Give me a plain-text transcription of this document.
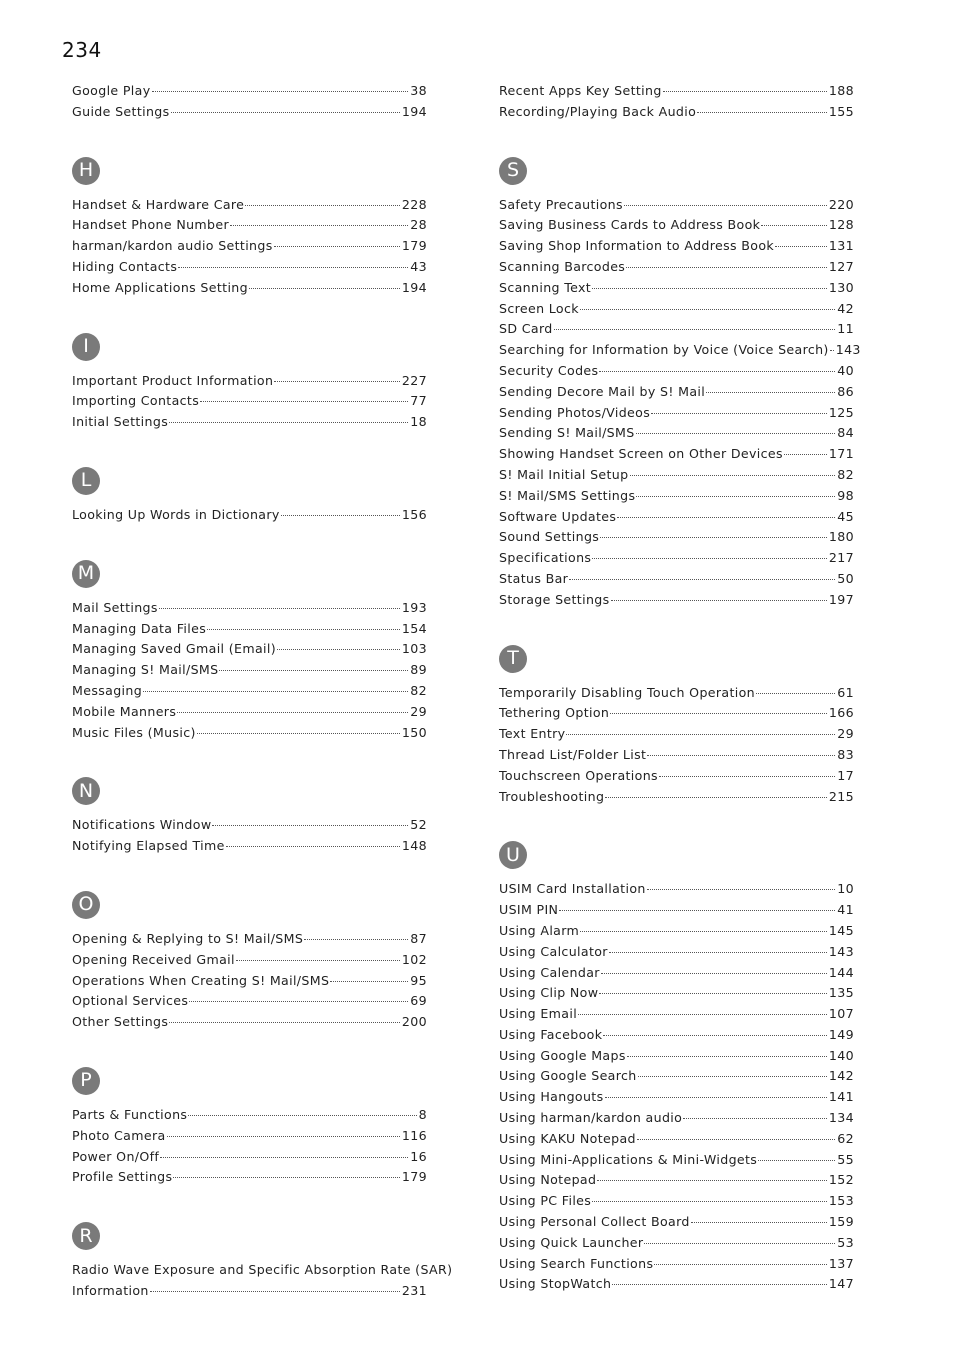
234
Google Play	38
Guide Settings	194
H
Handset & Hardware Care	228
Handset Phone Number	28
harman/kardon audio Settings	179
Hiding Contacts	43
Home Applications Setting	194
I
Important Product Information	227
Importing Contacts	77
Initial Settings	18
L
Looking Up Words in Dictionary	156
M
Mail Settings	193
Managing Data Files	154
Managing Saved Gmail (Email)	103
Managing S! Mail/SMS	89
Messaging	82
Mobile Manners	29
Music Files (Music)	150
N
Notifications Window	52
Notifying Elapsed Time	148
O
Opening & Replying to S! Mail/SMS	87
Opening Received Gmail	102
Operations When Creating S! Mail/SMS	95
Optional Services	69
Other Settings	200
P
Parts & Functions	8
Photo Camera	116
Power On/Off	16
Profile Settings	179
R
Radio Wave Exposure and Specific Absorption Rate (SAR)
Information	231
Recent Apps Key Setting	188
Recording/Playing Back Audio	155
S
Safety Precautions	220
Saving Business Cards to Address Book	128
Saving Shop Information to Address Book	131
Scanning Barcodes	127
Scanning Text	130
Screen Lock	42
SD Card	11
Searching for Information by Voice (Voice Search) 143
Security Codes	40
Sending Decore Mail by S! Mail	86
Sending Photos/Videos	125
Sending S! Mail/SMS	84
Showing Handset Screen on Other Devices	171
S! Mail Initial Setup	82
S! Mail/SMS Settings	98
Software Updates	45
Sound Settings	180
Specifications	217
Status Bar	50
Storage Settings	197
T
Temporarily Disabling Touch Operation	61
Tethering Option	166
Text Entry	29
Thread List/Folder List	83
Touchscreen Operations	17
Troubleshooting	215
U
USIM Card Installation	10
USIM PIN	41
Using Alarm	145
Using Calculator	143
Using Calendar	144
Using Clip Now	135
Using Email	107
Using Facebook	149
Using Google Maps	140
Using Google Search	142
Using Hangouts	141
Using harman/kardon audio	134
Using KAKU Notepad	62
Using Mini-Applications & Mini-Widgets	55
Using Notepad	152
Using PC Files	153
Using Personal Collect Board	159
Using Quick Launcher	53
Using Search Functions	137
Using StopWatch	147
